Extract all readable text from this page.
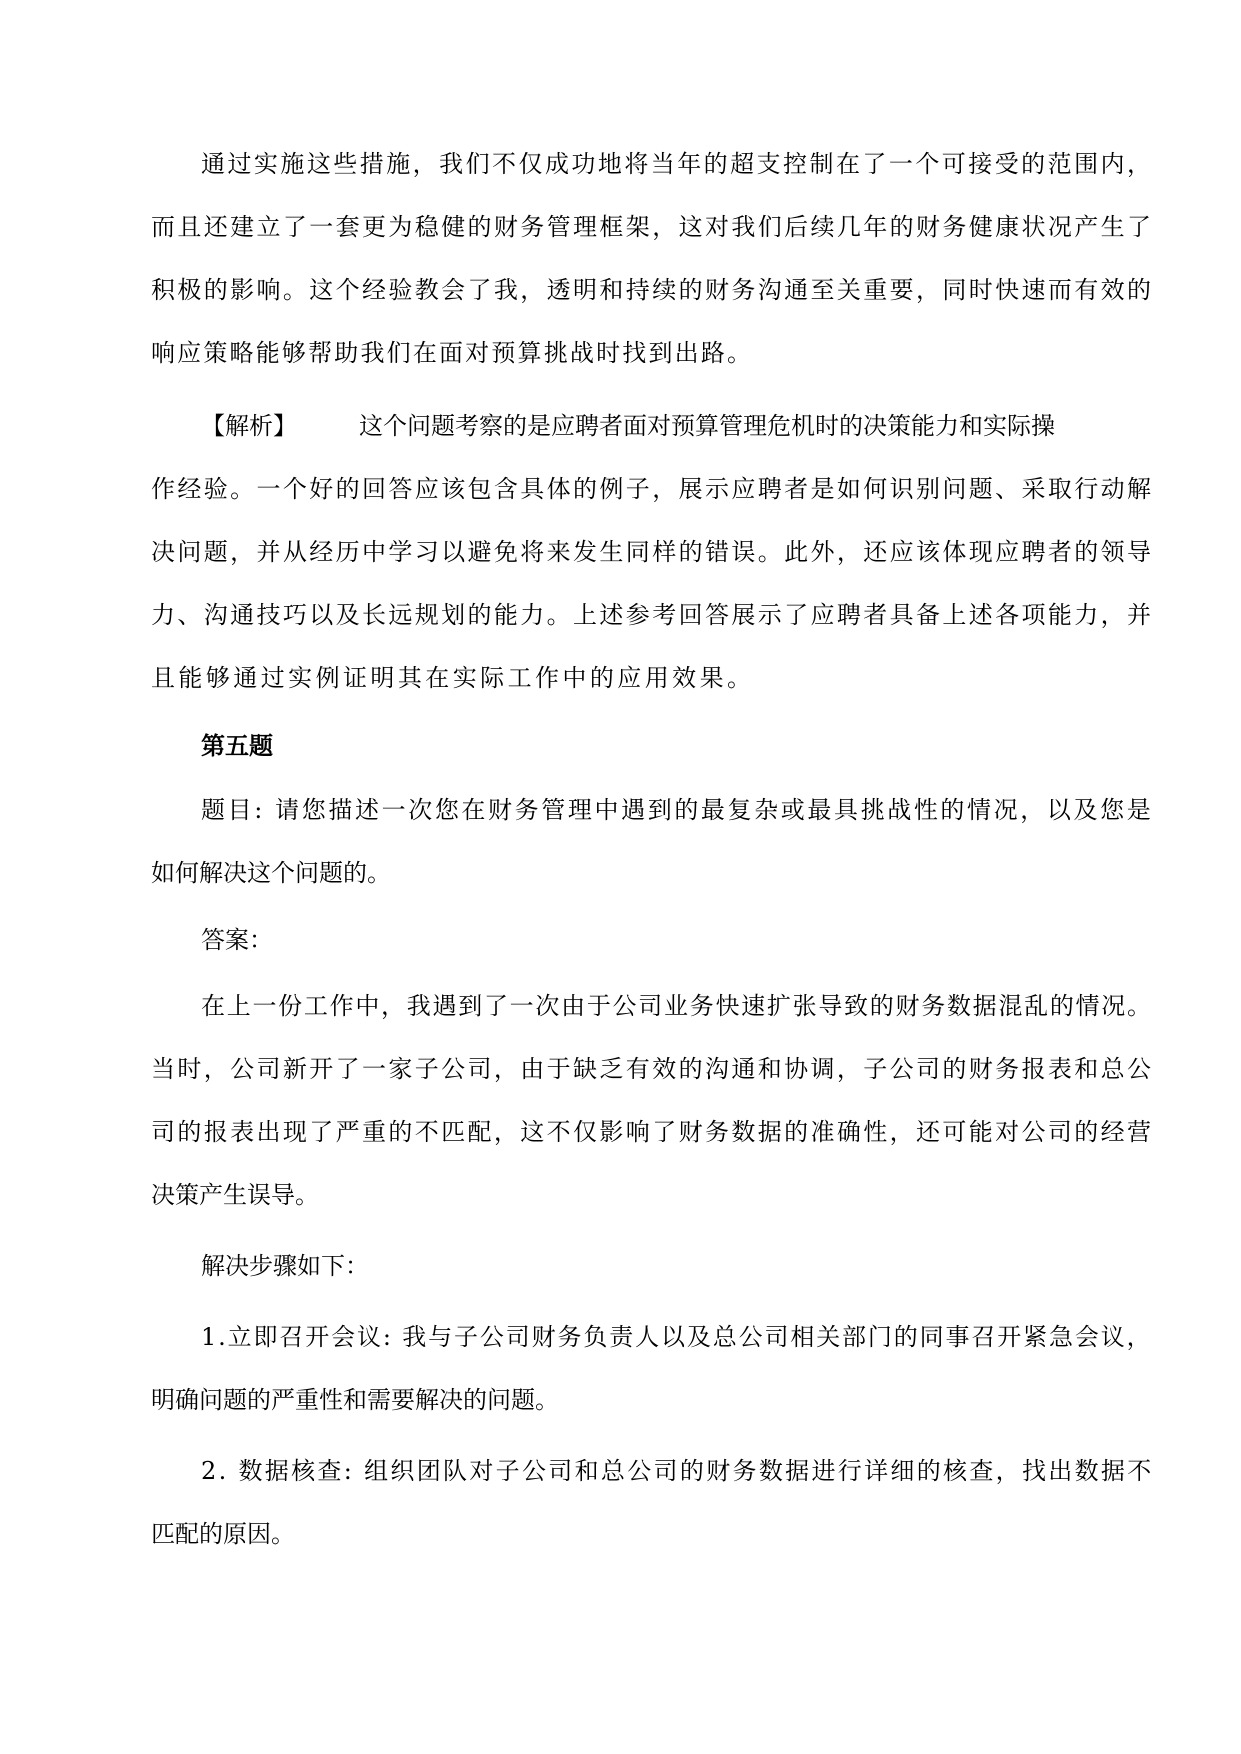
通过实施这些措施，我们不仅成功地将当年的超支控制在了一个可接受的范围内，
而且还建立了一套更为稳健的财务管理框架，这对我们后续几年的财务健康状况产生了
积极的影响。这个经验教会了我，透明和持续的财务沟通至关重要，同时快速而有效的
响应策略能够帮助我们在面对预算挑战时找到出路。
【解析】	这个问题考察的是应聘者面对预算管理危机时的决策能力和实际操
作经验。一个好的回答应该包含具体的例子，展示应聘者是如何识别问题、采取行动解
决问题，并从经历中学习以避免将来发生同样的错误。此外，还应该体现应聘者的领导
力、沟通技巧以及长远规划的能力。上述参考回答展示了应聘者具备上述各项能力，并
且能够通过实例证明其在实际工作中的应用效果。
第五题
题目: 请您描述一次您在财务管理中遇到的最复杂或最具挑战性的情况，以及您是
如何解决这个问题的。
答案：
在上一份工作中，我遇到了一次由于公司业务快速扩张导致的财务数据混乱的情况。
当时，公司新开了一家子公司，由于缺乏有效的沟通和协调，子公司的财务报表和总公
司的报表出现了严重的不匹配，这不仅影响了财务数据的准确性，还可能对公司的经营
决策产生误导。
解决步骤如下：
1.立即召开会议: 我与子公司财务负责人以及总公司相关部门的同事召开紧急会议，
明确问题的严重性和需要解决的问题。
2. 数据核查: 组织团队对子公司和总公司的财务数据进行详细的核查，找出数据不
匹配的原因。
